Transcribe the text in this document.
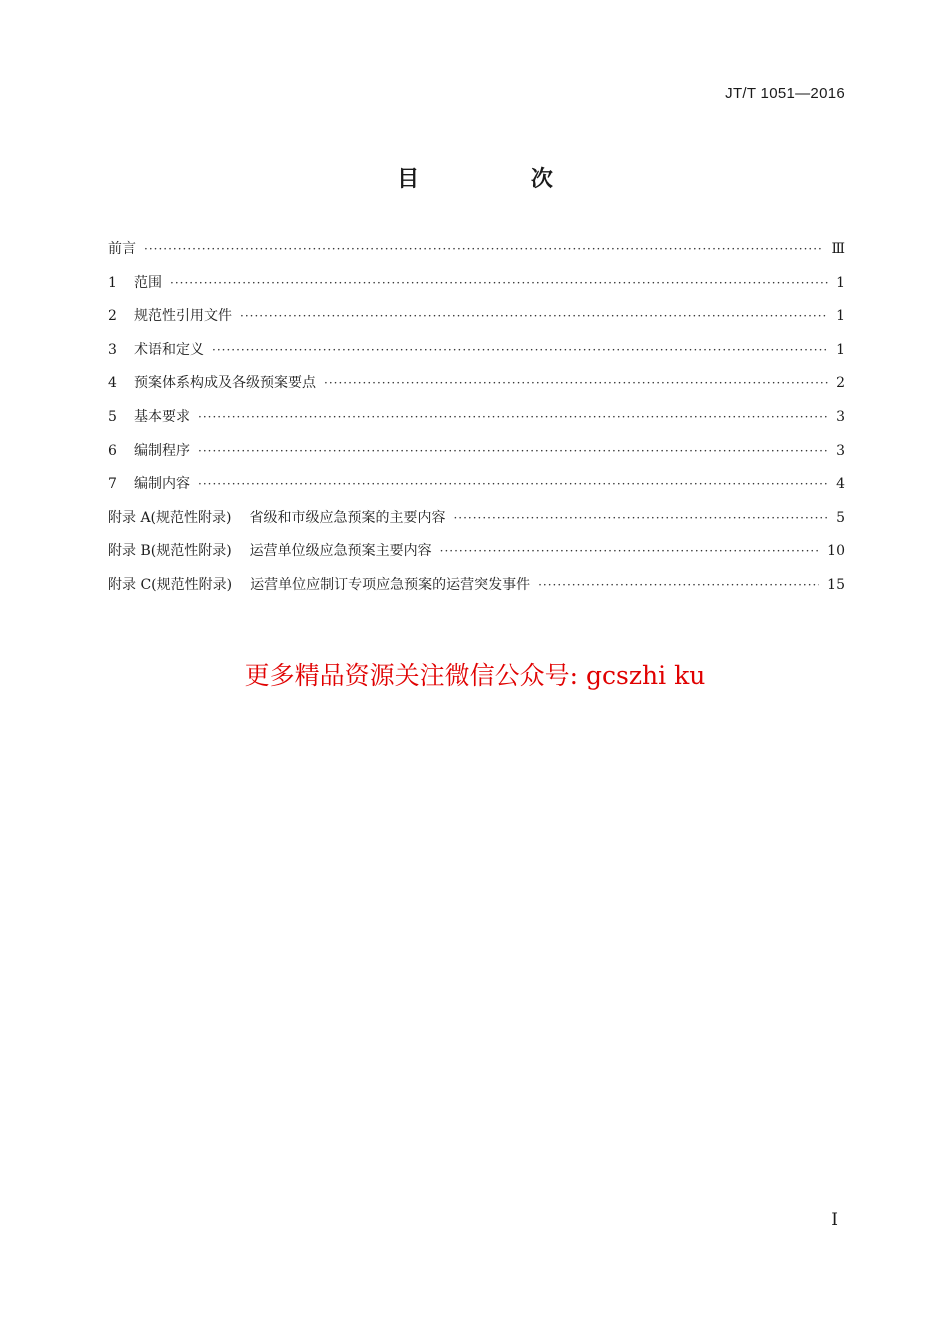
JT/T 1051—2016
目 次
前言 ·····	Ⅲ
1	范围 ·····	1
2	规范性引用文件 ·····	1
3	术语和定义 ·····	1
4	预案体系构成及各级预案要点 ·····	2
5	基本要求 ·····	3
6	编制程序 ·····	3
7	编制内容 ·····	4
附录 A(规范性附录) 省级和市级应急预案的主要内容 ·····	5
附录 B(规范性附录) 运营单位级应急预案主要内容 ·····	10
附录 C(规范性附录) 运营单位应制订专项应急预案的运营突发事件 ·····	15
更多精品资源关注微信公众号: gcszhi ku
I
